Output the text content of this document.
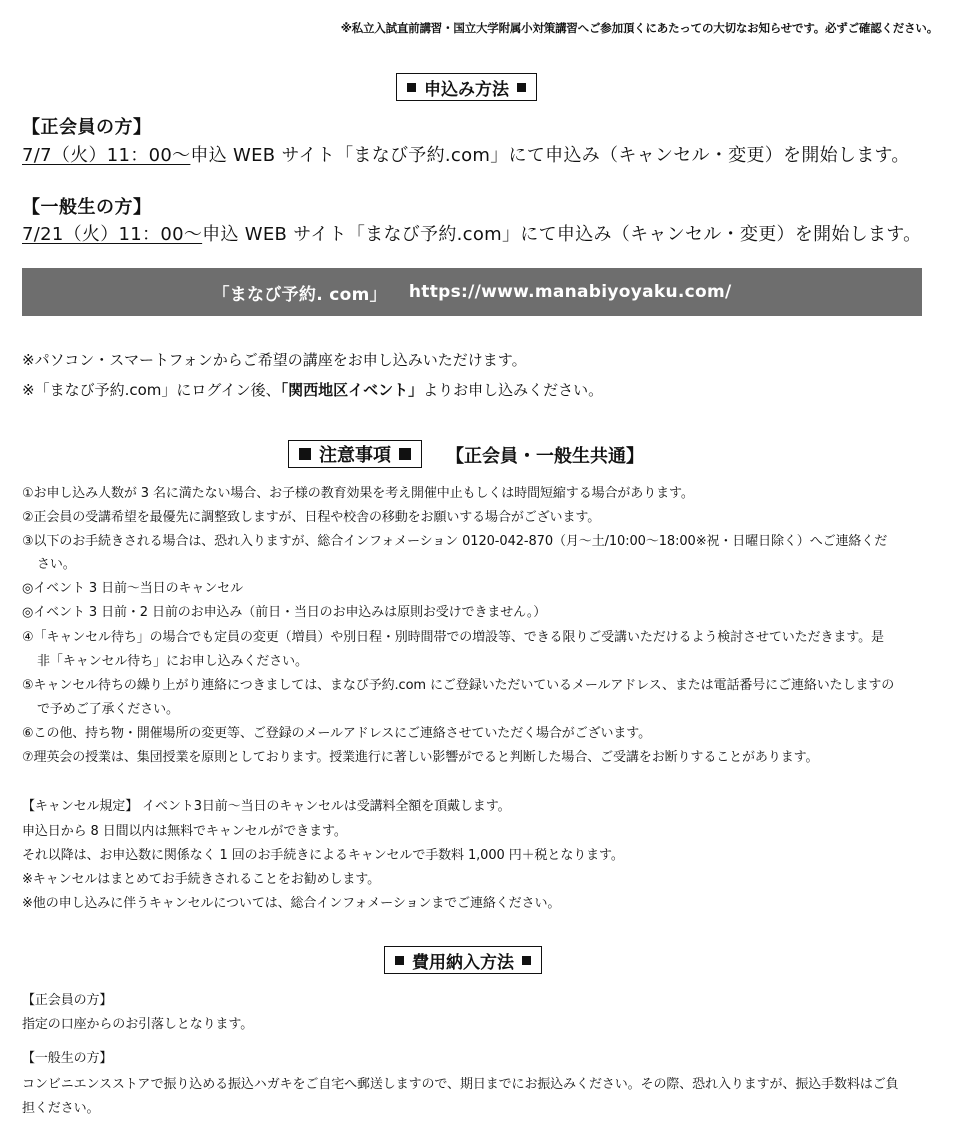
※私立入試直前講習・国立大学附属小対策講習へご参加頂くにあたっての大切なお知らせです。必ずご確認ください。
申込み方法
【正会員の方】
7/7（火）11：00～申込 WEB サイト「まなび予約.com」にて申込み（キャンセル・変更）を開始します。
【一般生の方】
7/21（火）11：00～申込 WEB サイト「まなび予約.com」にて申込み（キャンセル・変更）を開始します。
「まなび予約. com」 https://www.manabiyoyaku.com/
※パソコン・スマートフォンからご希望の講座をお申し込みいただけます。
※「まなび予約.com」にログイン後、「関西地区イベント」よりお申し込みください。
注意事項	【正会員・一般生共通】
①お申し込み人数が 3 名に満たない場合、お子様の教育効果を考え開催中止もしくは時間短縮する場合があります。
②正会員の受講希望を最優先に調整致しますが、日程や校舎の移動をお願いする場合がございます。
③以下のお手続きされる場合は、恐れ入りますが、総合インフォメーション 0120-042-870（月～土/10:00～18:00※祝・日曜日除く）へご連絡くだ
さい。
◎イベント 3 日前～当日のキャンセル
◎イベント 3 日前・2 日前のお申込み（前日・当日のお申込みは原則お受けできません。）
④「キャンセル待ち」の場合でも定員の変更（増員）や別日程・別時間帯での増設等、できる限りご受講いただけるよう検討させていただきます。是
非「キャンセル待ち」にお申し込みください。
⑤キャンセル待ちの繰り上がり連絡につきましては、まなび予約.com にご登録いただいているメールアドレス、または電話番号にご連絡いたしますの
で予めご了承ください。
⑥この他、持ち物・開催場所の変更等、ご登録のメールアドレスにご連絡させていただく場合がございます。
⑦理英会の授業は、集団授業を原則としております。授業進行に著しい影響がでると判断した場合、ご受講をお断りすることがあります。
【キャンセル規定】 イベント3日前～当日のキャンセルは受講料全額を頂戴します。
申込日から 8 日間以内は無料でキャンセルができます。
それ以降は、お申込数に関係なく 1 回のお手続きによるキャンセルで手数料 1,000 円＋税となります。
※キャンセルはまとめてお手続きされることをお勧めします。
※他の申し込みに伴うキャンセルについては、総合インフォメーションまでご連絡ください。
費用納入方法
【正会員の方】
指定の口座からのお引落しとなります。
【一般生の方】
コンビニエンスストアで振り込める振込ハガキをご自宅へ郵送しますので、期日までにお振込みください。その際、恐れ入りますが、振込手数料はご負
担ください。
